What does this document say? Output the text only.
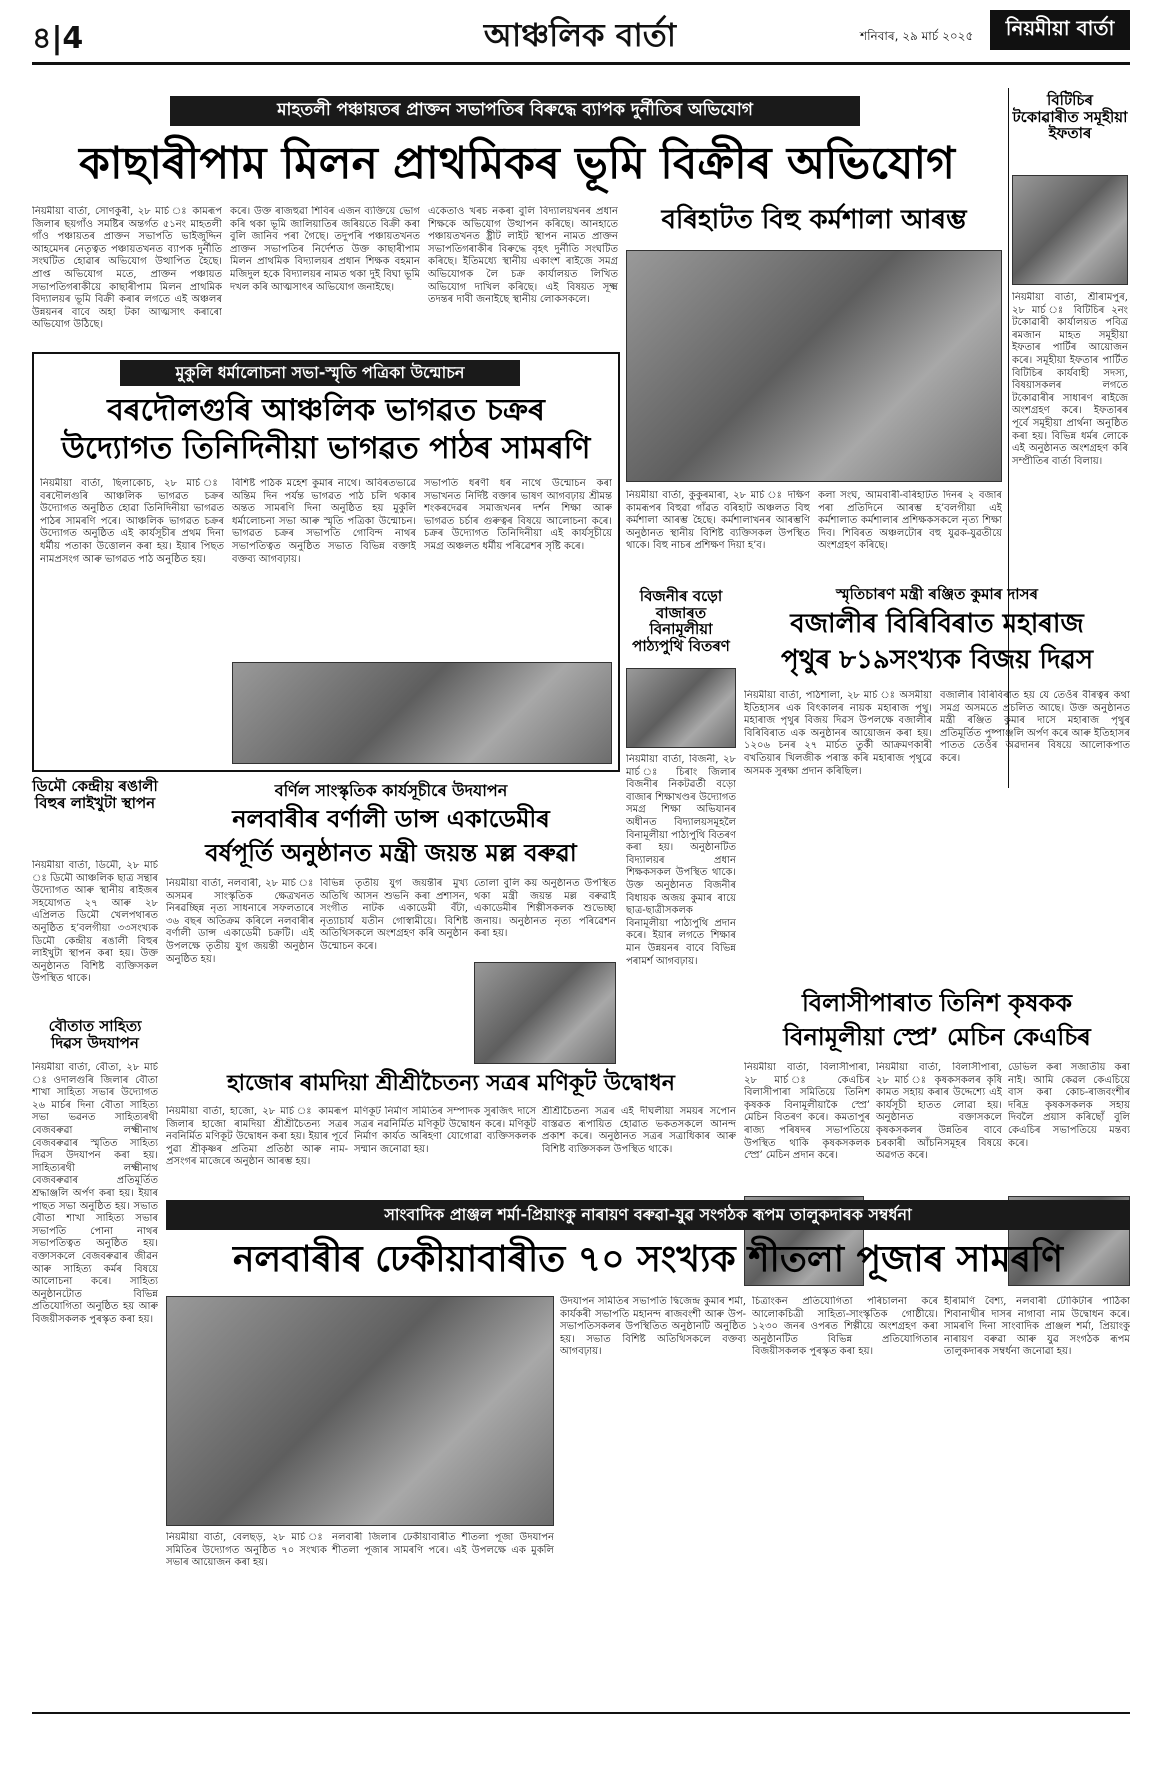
৪|4	আঞ্চলিক বাৰ্তা	শনিবাৰ, ২৯ মাৰ্চ ২০২৫	নিয়মীয়া বাৰ্তা
মাহতলী পঞ্চায়তৰ প্ৰাক্তন সভাপতিৰ বিৰুদ্ধে ব্যাপক দুৰ্নীতিৰ অভিযোগ
কাছাৰীপাম মিলন প্ৰাথমিকৰ ভূমি বিক্ৰীৰ অভিযোগ
নিয়মীয়া বাৰ্তা, সোণকুৰী, ২৮ মাৰ্চ ঃ কামৰূপ জিলাৰ ছয়গাঁও সমষ্টিৰ অন্তৰ্গত ৫১নং মাহতলী গাঁও পঞ্চায়তৰ প্ৰাক্তন সভাপতি ভাইজুদ্দিন আহমেদৰ নেতৃত্বত পঞ্চায়তখনত ব্যাপক দুৰ্নীতি সংঘটিত হোৱাৰ অভিযোগ উত্থাপিত হৈছে। প্ৰাপ্ত অভিযোগ মতে, প্ৰাক্তন পঞ্চায়ত সভাপতিগৰাকীয়ে কাছাৰীপাম মিলন প্ৰাথমিক বিদ্যালয়ৰ ভূমি বিক্ৰী কৰাৰ লগতে এই অঞ্চলৰ উন্নয়নৰ বাবে অহা টকা আত্মসাৎ কৰাৰো অভিযোগ উঠিছে।
কৰে। উক্ত ৰাজহুৱা শিবিৰ এজন ব্যক্তিয়ে ভোগ কৰি থকা ভূমি জালিয়াতিৰ জৰিয়তে বিক্ৰী কৰা বুলি জানিব পৰা গৈছে। তদুপৰি পঞ্চায়তখনত প্ৰাক্তন সভাপতিৰ নিৰ্দেশত উক্ত কাছাৰীপাম মিলন প্ৰাথমিক বিদ্যালয়ৰ প্ৰধান শিক্ষক বহমান মজিদুল হকে বিদ্যালয়ৰ নামত থকা দুই বিঘা ভূমি দখল কৰি আত্মসাৎৰ অভিযোগ জনাইছে।
একেতাও খৰচ নকৰা বুলি বিদ্যালয়খনৰ প্ৰধান শিক্ষকে অভিযোগ উত্থাপন কৰিছে। আনহাতে পঞ্চায়তখনত ষ্ট্ৰীট লাইট স্থাপন নামত প্ৰাক্তন সভাপতিগৰাকীৰ বিৰুদ্ধে বৃহৎ দুৰ্নীতি সংঘটিত কৰিছে। ইতিমধ্যে স্থানীয় একাংশ ৰাইজে সমগ্ৰ অভিযোগক লৈ চক্ৰ কাৰ্যালয়ত লিখিত অভিযোগ দাখিল কৰিছে। এই বিষয়ত সূক্ষ্ম তদন্তৰ দাবী জনাইছে স্থানীয় লোকসকলে।
বিটিচিৰ টকোৱাৰীত সমূহীয়া ইফতাৰ
নিয়মীয়া বাৰ্তা, শ্ৰীৰামপুৰ, ২৮ মাৰ্চ ঃ বিটিচিৰ ২নং টকোৱাৰী কাৰ্যালয়ত পবিত্ৰ ৰমজান মাহত সমূহীয়া ইফতাৰ পাৰ্টিৰ আয়োজন কৰে। সমূহীয়া ইফতাৰ পাৰ্টিত বিটিচিৰ কাৰ্যবাহী সদস্য, বিষয়াসকলৰ লগতে টকোৱাৰীৰ সাধাৰণ ৰাইজে অংশগ্ৰহণ কৰে। ইফতাৰৰ পূৰ্বে সমূহীয়া প্ৰাৰ্থনা অনুষ্ঠিত কৰা হয়। বিভিন্ন ধৰ্মৰ লোকে এই অনুষ্ঠানত অংশগ্ৰহণ কৰি সম্প্ৰীতিৰ বাৰ্তা বিলায়।
বৰিহাটত বিহু কৰ্মশালা আৰম্ভ
নিয়মীয়া বাৰ্তা, কুকুৰমাৰা, ২৮ মাৰ্চ ঃ দক্ষিণ কামৰূপৰ বিহুৱা গাঁৱত বৰিহাট অঞ্চলত বিহু কৰ্মশালা আৰম্ভ হৈছে। কৰ্মশালাখনৰ আৰম্ভণি অনুষ্ঠানত স্থানীয় বিশিষ্ট ব্যক্তিসকল উপস্থিত থাকে। বিহু নাচৰ প্ৰশিক্ষণ দিয়া হ’ব।
কলা সংঘ, আমবাৰী-বৰিহাটত দিনৰ ২ বজাৰ পৰা প্ৰতিদিনে আৰম্ভ হ’বলগীয়া এই কৰ্মশালাত কৰ্মশালাৰ প্ৰশিক্ষকসকলে নৃত্য শিক্ষা দিব। শিবিৰত অঞ্চলটোৰ বহু যুৱক-যুৱতীয়ে অংশগ্ৰহণ কৰিছে।
মুকুলি ধৰ্মালোচনা সভা-স্মৃতি পত্ৰিকা উন্মোচন
বৰদৌলগুৰি আঞ্চলিক ভাগৱত চক্ৰৰ
উদ্যোগত তিনিদিনীয়া ভাগৱত পাঠৰ সামৰণি
নিয়মীয়া বাৰ্তা, ছিলাকোচ, ২৮ মাৰ্চ ঃ বৰদৌলগুৰি আঞ্চলিক ভাগৱত চক্ৰৰ উদ্যোগত অনুষ্ঠিত হোৱা তিনিদিনীয়া ভাগৱত পাঠৰ সামৰণি পৰে। আঞ্চলিক ভাগৱত চক্ৰৰ উদ্যোগত অনুষ্ঠিত এই কাৰ্যসূচীৰ প্ৰথম দিনা ধৰ্মীয় পতাকা উত্তোলন কৰা হয়। ইয়াৰ পিছত নামপ্ৰসংগ আৰু ভাগৱত পাঠ অনুষ্ঠিত হয়।
বিশিষ্ট পাঠক মহেশ কুমাৰ নাথে। অবিৰতভাৱে অন্তিম দিন পৰ্যন্ত ভাগৱত পাঠ চলি থকাৰ অন্তত সামৰণি দিনা অনুষ্ঠিত হয় মুকুলি ধৰ্মালোচনা সভা আৰু স্মৃতি পত্ৰিকা উন্মোচন। ভাগৱত চক্ৰৰ সভাপতি গোবিন্দ নাথৰ সভাপতিত্বত অনুষ্ঠিত সভাত বিভিন্ন বক্তাই বক্তব্য আগবঢ়ায়।
সভাপতি ধৰণী ধৰ নাথে উন্মোচন কৰা সভাখনত নিৰ্দিষ্ট বক্তাৰ ভাষণ আগবঢ়ায় শ্ৰীমন্ত শংকৰদেৱৰ সমাজখনৰ দৰ্শন শিক্ষা আৰু ভাগৱত চৰ্চাৰ গুৰুত্বৰ বিষয়ে আলোচনা কৰে। চক্ৰৰ উদ্যোগত তিনিদিনীয়া এই কাৰ্যসূচীয়ে সমগ্ৰ অঞ্চলত ধৰ্মীয় পৰিৱেশৰ সৃষ্টি কৰে।
বিজনীৰ বড়ো বাজাৰত বিনামূলীয়া পাঠ্যপুথি বিতৰণ
নিয়মীয়া বাৰ্তা, বিজনী, ২৮ মাৰ্চ ঃ চিৰাং জিলাৰ বিজনীৰ নিকটৱৰ্তী বড়ো বাজাৰ শিক্ষাখণ্ডৰ উদ্যোগত সমগ্ৰ শিক্ষা অভিযানৰ অধীনত বিদ্যালয়সমূহলৈ বিনামূলীয়া পাঠ্যপুথি বিতৰণ কৰা হয়। অনুষ্ঠানটিত বিদ্যালয়ৰ প্ৰধান শিক্ষকসকল উপস্থিত থাকে। উক্ত অনুষ্ঠানত বিজনীৰ বিধায়ক অজয় কুমাৰ ৰায়ে ছাত্ৰ-ছাত্ৰীসকলক বিনামূলীয়া পাঠ্যপুথি প্ৰদান কৰে। ইয়াৰ লগতে শিক্ষাৰ মান উন্নয়নৰ বাবে বিভিন্ন পৰামৰ্শ আগবঢ়ায়।
স্মৃতিচাৰণ মন্ত্ৰী ৰঞ্জিত কুমাৰ দাসৰ
বজালীৰ বিৰিবিৰাত মহাৰাজ
পৃথুৰ ৮১৯সংখ্যক বিজয় দিৱস
নিয়মীয়া বাৰ্তা, পাঠশালা, ২৮ মাৰ্চ ঃ অসমীয়া ইতিহাসৰ এক বিৎকালৰ নায়ক মহাৰাজ পৃথু। মহাৰাজ পৃথুৰ বিজয় দিৱস উপলক্ষে বজালীৰ বিৰিবিৰাত এক অনুষ্ঠানৰ আয়োজন কৰা হয়। ১২০৬ চনৰ ২৭ মাৰ্চত তুৰ্কী আক্ৰমণকাৰী বখতিয়াৰ খিলজীক পৰাস্ত কৰি মহাৰাজ পৃথুৱে অসমক সুৰক্ষা প্ৰদান কৰিছিল।
বজালীৰ বিৰিবিৰাত হয় যে তেওঁৰ বীৰত্বৰ কথা সমগ্ৰ অসমতে প্ৰচলিত আছে। উক্ত অনুষ্ঠানত মন্ত্ৰী ৰঞ্জিত কুমাৰ দাসে মহাৰাজ পৃথুৰ প্ৰতিমূৰ্তিত পুষ্পাঞ্জলি অৰ্পণ কৰে আৰু ইতিহাসৰ পাতত তেওঁৰ অৱদানৰ বিষয়ে আলোকপাত কৰে।
বিলাসীপাৰাত তিনিশ কৃষকক
বিনামূলীয়া স্প্ৰে’ মেচিন কেএচিৰ
নিয়মীয়া বাৰ্তা, বিলাসীপাৰা, ২৮ মাৰ্চ ঃ কেএচিৰ বিলাসীপাৰা সমিতিয়ে তিনিশ কৃষকক বিনামূলীয়াকৈ স্প্ৰে’ মেচিন বিতৰণ কৰে। কমতাপুৰ ৰাজ্য পৰিষদৰ সভাপতিয়ে উপস্থিত থাকি কৃষকসকলক স্প্ৰে’ মেচিন প্ৰদান কৰে।
নিয়মীয়া বাৰ্তা, বিলাসীপাৰা, ২৮ মাৰ্চ ঃ কৃষকসকলৰ কৃষি কামত সহায় কৰাৰ উদ্দেশ্যে এই কাৰ্যসূচী হাতত লোৱা হয়। অনুষ্ঠানত বক্তাসকলে কৃষকসকলৰ উন্নতিৰ বাবে চৰকাৰী আঁচনিসমূহৰ বিষয়ে অৱগত কৰে।
ডেভিল কৰা সজাতীয় কৰা নাই। আমি কেৱল কেএচিয়ে বাস কৰা কোচ-ৰাজবংশীৰ দৰিদ্ৰ কৃষকসকলক সহায় দিবলৈ প্ৰয়াস কৰিছোঁ বুলি কেএচিৰ সভাপতিয়ে মন্তব্য কৰে।
ডিমৌ কেন্দ্ৰীয় ৰঙালী বিহুৰ লাইখুটা স্থাপন
নিয়মীয়া বাৰ্তা, ডিমৌ, ২৮ মাৰ্চ ঃ ডিমৌ আঞ্চলিক ছাত্ৰ সন্থাৰ উদ্যোগত আৰু স্থানীয় ৰাইজৰ সহযোগত ২৭ আৰু ২৮ এপ্ৰিলত ডিমৌ খেলপথাৰত অনুষ্ঠিত হ’বলগীয়া ৩৩সংখ্যক ডিমৌ কেন্দ্ৰীয় ৰঙালী বিহুৰ লাইখুটা স্থাপন কৰা হয়। উক্ত অনুষ্ঠানত বিশিষ্ট ব্যক্তিসকল উপস্থিত থাকে।
বৌতাত সাহিত্য দিৱস উদযাপন
নিয়মীয়া বাৰ্তা, বৌতা, ২৮ মাৰ্চ ঃ ওদালগুৰি জিলাৰ বৌতা শাখা সাহিত্য সভাৰ উদ্যোগত ২৬ মাৰ্চৰ দিনা বৌতা সাহিত্য সভা ভৱনত সাহিত্যৰথী বেজবৰুৱা লক্ষ্মীনাথ বেজবৰুৱাৰ স্মৃতিত সাহিত্য দিৱস উদযাপন কৰা হয়। সাহিত্যৰথী লক্ষ্মীনাথ বেজবৰুৱাৰ প্ৰতিমূৰ্তিত শ্ৰদ্ধাঞ্জলি অৰ্পণ কৰা হয়। ইয়াৰ পাছত সভা অনুষ্ঠিত হয়। সভাত বৌতা শাখা সাহিত্য সভাৰ সভাপতি পোনা নাথৰ সভাপতিত্বত অনুষ্ঠিত হয়। বক্তাসকলে বেজবৰুৱাৰ জীৱন আৰু সাহিত্য কৰ্মৰ বিষয়ে আলোচনা কৰে। সাহিত্য অনুষ্ঠানটোত বিভিন্ন প্ৰতিযোগিতা অনুষ্ঠিত হয় আৰু বিজয়ীসকলক পুৰস্কৃত কৰা হয়।
বৰ্ণিল সাংস্কৃতিক কাৰ্যসূচীৰে উদযাপন
নলবাৰীৰ বৰ্ণালী ডান্স একাডেমীৰ
বৰ্ষপূৰ্তি অনুষ্ঠানত মন্ত্ৰী জয়ন্ত মল্ল বৰুৱা
নিয়মীয়া বাৰ্তা, নলবাৰী, ২৮ মাৰ্চ ঃ অসমৰ সাংস্কৃতিক ক্ষেত্ৰখনত নিৰৱচ্ছিন্ন নৃত্য সাধনাৰে সফলতাৰে ৩৬ বছৰ অতিক্ৰম কৰিলে নলবাৰীৰ বৰ্ণালী ডান্স একাডেমী চক্ৰটি। এই উপলক্ষে তৃতীয় যুগ জয়ন্তী অনুষ্ঠান অনুষ্ঠিত হয়।
বিভিন্ন তৃতীয় যুগ জয়ন্তীৰ মুখ্য অতিথি আসন শুভনি কৰা প্ৰশাসন, সংগীত নাটক একাডেমী বঁটা, নৃত্যাচাৰ্য যতীন গোস্বামীয়ে। বিশিষ্ট অতিথিসকলে অংশগ্ৰহণ কৰি অনুষ্ঠান উন্মোচন কৰে।
তোলা বুলি কয় অনুষ্ঠানত উপস্থিত থকা মন্ত্ৰী জয়ন্ত মল্ল বৰুৱাই একাডেমীৰ শিল্পীসকলক শুভেচ্ছা জনায়। অনুষ্ঠানত নৃত্য পৰিৱেশন কৰা হয়।
হাজোৰ ৰামদিয়া শ্ৰীশ্ৰীচৈতন্য সত্ৰৰ মণিকূট উদ্বোধন
নিয়মীয়া বাৰ্তা, হাজো, ২৮ মাৰ্চ ঃ কামৰূপ জিলাৰ হাজো ৰামদিয়া শ্ৰীশ্ৰীচৈতন্য সত্ৰৰ নবনিৰ্মিত মণিকূট উদ্বোধন কৰা হয়। ইয়াৰ পূৰ্বে পুৱা শ্ৰীকৃষ্ণৰ প্ৰতিমা প্ৰতিষ্ঠা আৰু নাম-প্ৰসংগৰ মাজেৰে অনুষ্ঠান আৰম্ভ হয়।
মণিকূট নিৰ্মাণ সমিতিৰ সম্পাদক সুৰজিৎ দাসে সত্ৰৰ নৱনিৰ্মিত মণিকূট উদ্বোধন কৰে। মণিকূট নিৰ্মাণ কাৰ্যত অৰিহণা যোগোৱা ব্যক্তিসকলক সম্মান জনোৱা হয়।
শ্ৰীশ্ৰীচৈতন্য সত্ৰৰ এই দীঘলীয়া সময়ৰ সপোন বাস্তৱত ৰূপায়িত হোৱাত ভকতসকলে আনন্দ প্ৰকাশ কৰে। অনুষ্ঠানত সত্ৰৰ সত্ৰাধিকাৰ আৰু বিশিষ্ট ব্যক্তিসকল উপস্থিত থাকে।
সাংবাদিক প্ৰাঞ্জল শৰ্মা-প্ৰিয়াংকু নাৰায়ণ বৰুৱা-যুৱ সংগঠক ৰূপম তালুকদাৰক সম্বৰ্ধনা
নলবাৰীৰ ঢেকীয়াবাৰীত ৭০ সংখ্যক শীতলা পূজাৰ সামৰণি
নিয়মীয়া বাৰ্তা, বেলছড়, ২৮ মাৰ্চ ঃ নলবাৰী জিলাৰ ঢেকীয়াবাৰীত শীতলা পূজা উদযাপন সমিতিৰ উদ্যোগত অনুষ্ঠিত ৭০ সংখ্যক শীতলা পূজাৰ সামৰণি পৰে। এই উপলক্ষে এক মুকলি সভাৰ আয়োজন কৰা হয়।
উদযাপন সমিতিৰ সভাপতি দ্বিজেন্দ্ৰ কুমাৰ শৰ্মা, কাৰ্যকৰী সভাপতি মহানন্দ ৰাজবংশী আৰু উপ-সভাপতিসকলৰ উপস্থিতিত অনুষ্ঠানটি অনুষ্ঠিত হয়। সভাত বিশিষ্ট অতিথিসকলে বক্তব্য আগবঢ়ায়।
চিত্ৰাংকন প্ৰতিযোগিতা পৰিচালনা কৰে আলোকচিত্ৰী সাহিত্য-সাংস্কৃতিক গোষ্ঠীয়ে। ১২৩০ জনৰ ওপৰত শিল্পীয়ে অংশগ্ৰহণ কৰা অনুষ্ঠানটিত বিভিন্ন প্ৰতিযোগিতাৰ বিজয়ীসকলক পুৰস্কৃত কৰা হয়।
হীৰামণি বৈশ্য, নলবাৰী টোকিটাৰ পাঠিকা শিবানাথীৰ দাসৰ নাগাবা নাম উদ্বোধন কৰে। সামৰণি দিনা সাংবাদিক প্ৰাঞ্জল শৰ্মা, প্ৰিয়াংকু নাৰায়ণ বৰুৱা আৰু যুৱ সংগঠক ৰূপম তালুকদাৰক সম্বৰ্ধনা জনোৱা হয়।
